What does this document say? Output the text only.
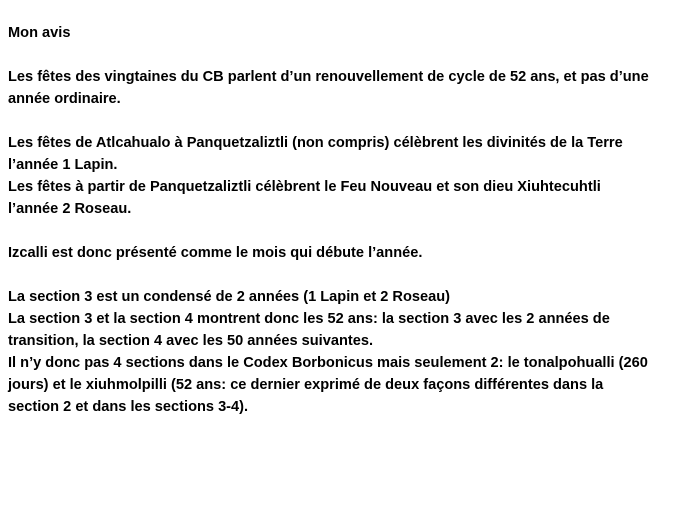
Mon avis
Les fêtes des vingtaines du CB parlent d’un renouvellement de cycle de 52 ans, et pas d’une
année ordinaire.
Les fêtes de Atlcahualo à Panquetzaliztli (non compris) célèbrent les divinités de la Terre
l’année 1 Lapin.
Les fêtes à partir de Panquetzaliztli célèbrent le Feu Nouveau et son dieu Xiuhtecuhtli
l’année 2 Roseau.
Izcalli est donc présenté comme le mois qui débute l’année.
La section 3 est un condensé de 2 années (1 Lapin et 2 Roseau)
La section 3 et la section 4 montrent donc les 52 ans: la section 3 avec les 2 années de
transition, la section 4 avec les 50 années suivantes.
Il n’y donc pas 4 sections dans le Codex Borbonicus mais seulement 2: le tonalpohualli (260
jours) et le xiuhmolpilli (52 ans: ce dernier exprimé de deux façons différentes dans la
section 2 et dans les sections 3-4).
